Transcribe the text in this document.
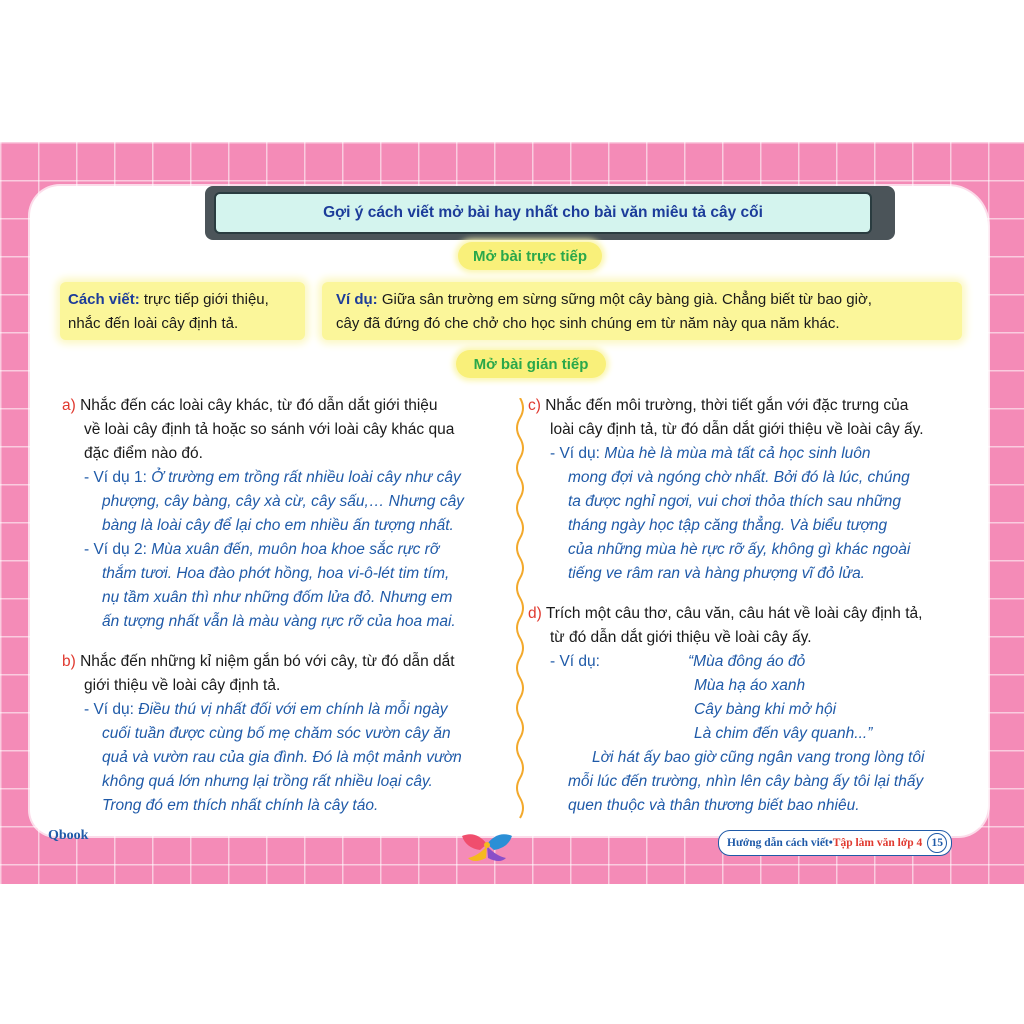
Gợi ý cách viết mở bài hay nhất cho bài văn miêu tả cây cối
Mở bài trực tiếp
Cách viết: trực tiếp giới thiệu,
nhắc đến loài cây định tả.
Ví dụ: Giữa sân trường em sừng sững một cây bàng già. Chẳng biết từ bao giờ,
cây đã đứng đó che chở cho học sinh chúng em từ năm này qua năm khác.
Mở bài gián tiếp

a) Nhắc đến các loài cây khác, từ đó dẫn dắt giới thiệu

về loài cây định tả hoặc so sánh với loài cây khác qua

đặc điểm nào đó.

- Ví dụ 1: Ở trường em trồng rất nhiều loài cây như cây

phượng, cây bàng, cây xà cừ, cây sấu,… Nhưng cây

bàng là loài cây để lại cho em nhiều ấn tượng nhất.

- Ví dụ 2: Mùa xuân đến, muôn hoa khoe sắc rực rỡ

thắm tươi. Hoa đào phớt hồng, hoa vi-ô-lét tim tím,

nụ tầm xuân thì như những đốm lửa đỏ. Nhưng em

ấn tượng nhất vẫn là màu vàng rực rỡ của hoa mai.

b) Nhắc đến những kỉ niệm gắn bó với cây, từ đó dẫn dắt

giới thiệu về loài cây định tả.

- Ví dụ: Điều thú vị nhất đối với em chính là mỗi ngày

cuối tuần được cùng bố mẹ chăm sóc vườn cây ăn

quả và vườn rau của gia đình. Đó là một mảnh vườn

không quá lớn nhưng lại trồng rất nhiều loại cây.

Trong đó em thích nhất chính là cây táo.

c) Nhắc đến môi trường, thời tiết gắn với đặc trưng của

loài cây định tả, từ đó dẫn dắt giới thiệu về loài cây ấy.

- Ví dụ: Mùa hè là mùa mà tất cả học sinh luôn

mong đợi và ngóng chờ nhất. Bởi đó là lúc, chúng

ta được nghỉ ngơi, vui chơi thỏa thích sau những

tháng ngày học tập căng thẳng. Và biểu tượng

của những mùa hè rực rỡ ấy, không gì khác ngoài

tiếng ve râm ran và hàng phượng vĩ đỏ lửa.

d) Trích một câu thơ, câu văn, câu hát về loài cây định tả,

từ đó dẫn dắt giới thiệu về loài cây ấy.

- Ví dụ:	“Mùa đông áo đỏ

Mùa hạ áo xanh

Cây bàng khi mở hội

Là chim đến vây quanh...”

Lời hát ấy bao giờ cũng ngân vang trong lòng tôi

mỗi lúc đến trường, nhìn lên cây bàng ấy tôi lại thấy

quen thuộc và thân thương biết bao nhiêu.

Qbook	Hướng dẫn cách viết • Tập làm văn lớp 4 15
